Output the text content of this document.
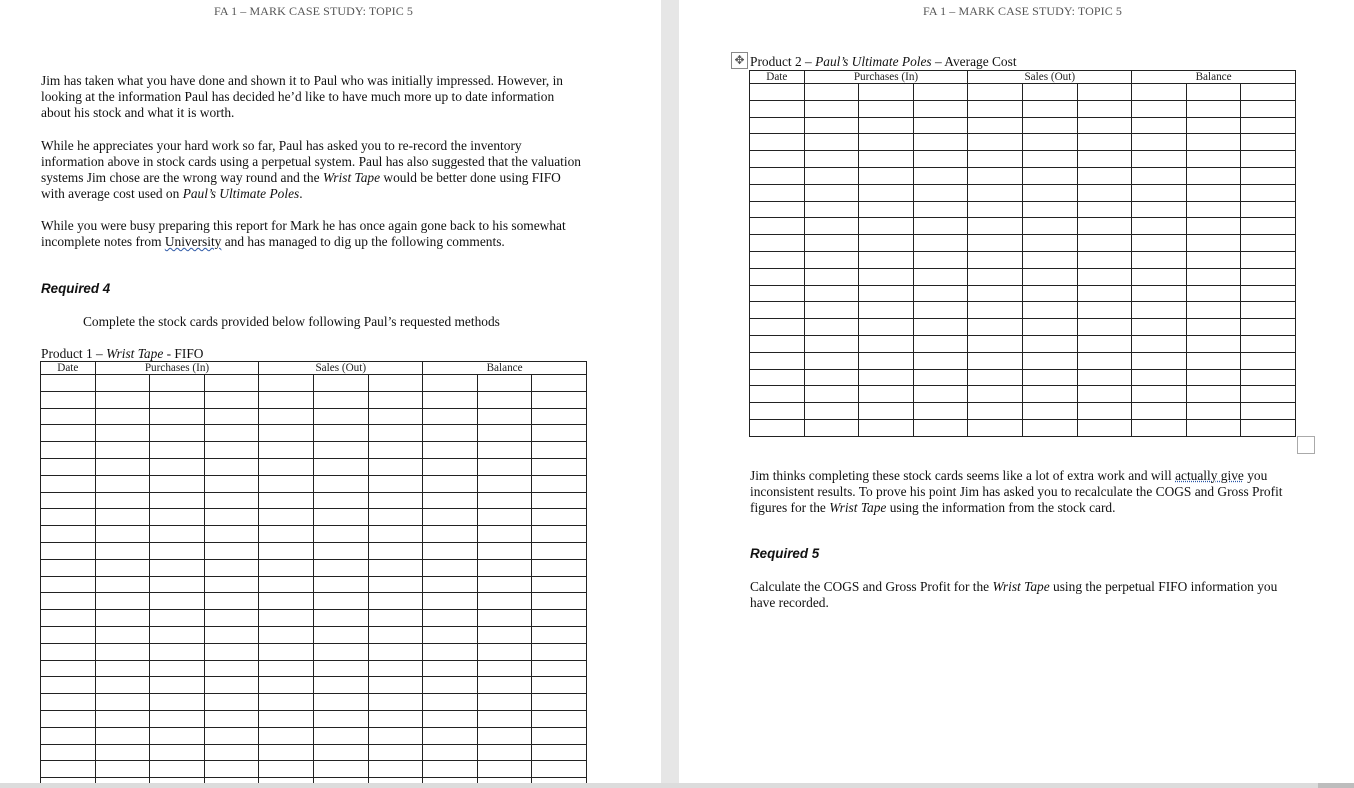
FA 1 – MARK CASE STUDY: TOPIC 5

Jim has taken what you have done and shown it to Paul who was initially impressed. However, in looking at the information Paul has decided he’d like to have much more up to date information about his stock and what it is worth.

While he appreciates your hard work so far, Paul has asked you to re-record the inventory information above in stock cards using a perpetual system. Paul has also suggested that the valuation systems Jim chose are the wrong way round and the Wrist Tape would be better done using FIFO with average cost used on Paul’s Ultimate Poles.

While you were busy preparing this report for Mark he has once again gone back to his somewhat incomplete notes from University and has managed to dig up the following comments.

Required 4

Complete the stock cards provided below following Paul’s requested methods

Product 1 – Wrist Tape - FIFO
Date	Purchases (In)			Sales (Out)			Balance		

FA 1 – MARK CASE STUDY: TOPIC 5
Product 2 – Paul’s Ultimate Poles – Average Cost
Date	Purchases (In)			Sales (Out)			Balance		

Jim thinks completing these stock cards seems like a lot of extra work and will actually give you inconsistent results. To prove his point Jim has asked you to recalculate the COGS and Gross Profit figures for the Wrist Tape using the information from the stock card.

Required 5

Calculate the COGS and Gross Profit for the Wrist Tape using the perpetual FIFO information you have recorded.

✥
